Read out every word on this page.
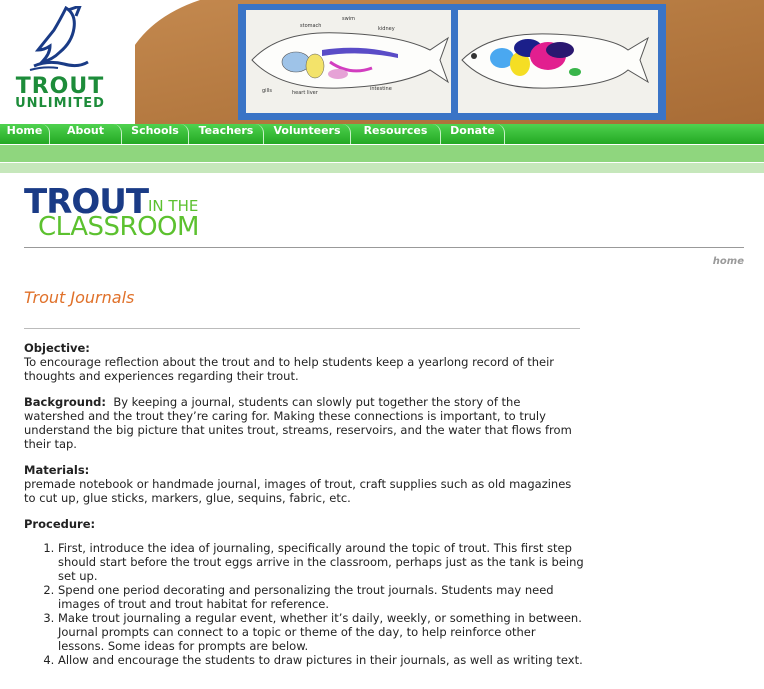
stomach
swim
kidney
gills	heart liver
intestine
TROUT
UNLIMITED
Home	About	Schools	Teachers	Volunteers	Resources	Donate
TROUT IN THE
CLASSROOM
home
Trout Journals
Objective:
To encourage reflection about the trout and to help students keep a yearlong record of their thoughts and experiences regarding their trout.
Background: By keeping a journal, students can slowly put together the story of the watershed and the trout they’re caring for. Making these connections is important, to truly understand the big picture that unites trout, streams, reservoirs, and the water that flows from their tap.
Materials:
premade notebook or handmade journal, images of trout, craft supplies such as old magazines to cut up, glue sticks, markers, glue, sequins, fabric, etc.
Procedure:
1. First, introduce the idea of journaling, specifically around the topic of trout. This first step should start before the trout eggs arrive in the classroom, perhaps just as the tank is being set up.
2. Spend one period decorating and personalizing the trout journals. Students may need images of trout and trout habitat for reference.
3. Make trout journaling a regular event, whether it’s daily, weekly, or something in between. Journal prompts can connect to a topic or theme of the day, to help reinforce other lessons. Some ideas for prompts are below.
4. Allow and encourage the students to draw pictures in their journals, as well as writing text.
